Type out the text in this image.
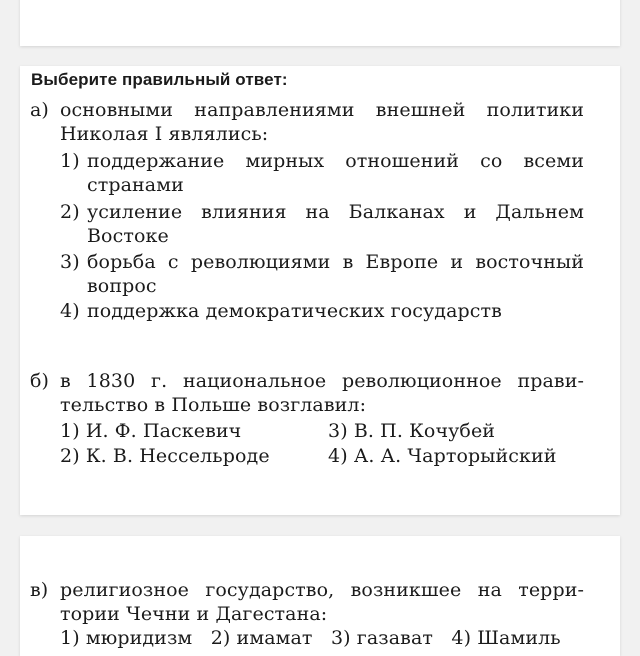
Выберите правильный ответ:
а) основными направлениями внешней политики
Николая I являлись:
1) поддержание мирных отношений со всеми
странами
2) усиление влияния на Балканах и Дальнем
Востоке
3) борьба с революциями в Европе и восточный
вопрос
4) поддержка демократических государств
б) в 1830 г. национальное революционное прави-
тельство в Польше возглавил:
1) И. Ф. Паскевич
2) К. В. Нессельроде
3) В. П. Кочубей
4) А. А. Чарторыйский
в) религиозное государство, возникшее на терри-
тории Чечни и Дагестана:
1) мюридизм   2) имамат   3) газават   4) Шамиль
